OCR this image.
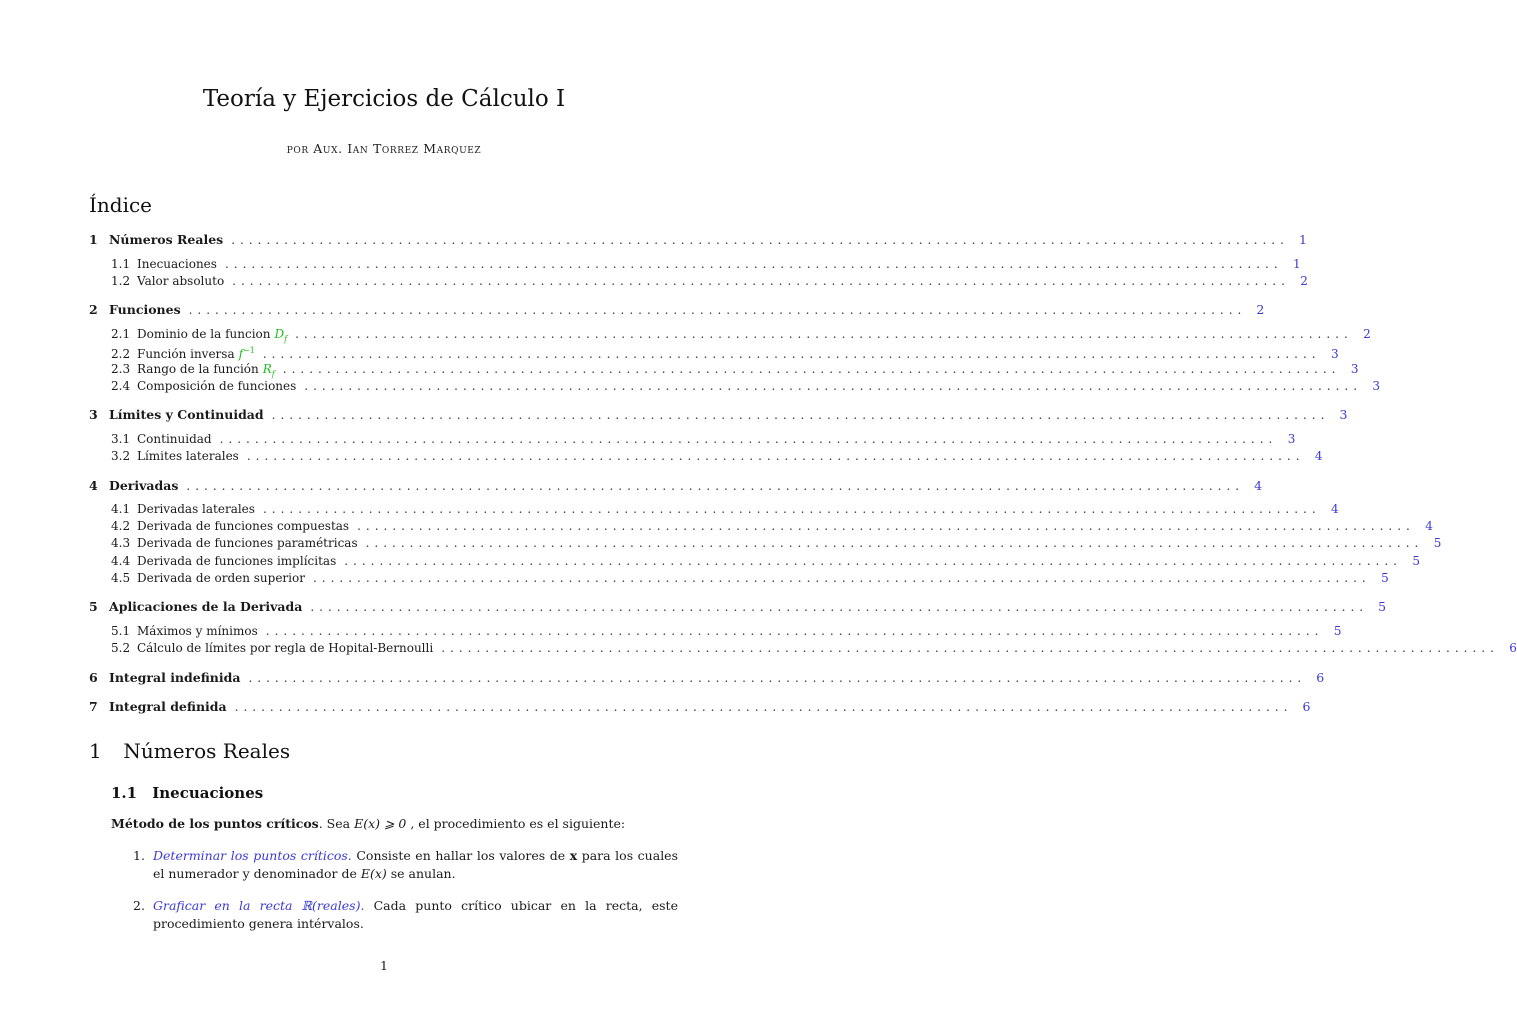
Teoría y Ejercicios de Cálculo I
por Aux. Ian Torrez Marquez
Índice
1 Números Reales ........................................................................................................................ 1
1.1 Inecuaciones ........................................................................................................................ 1
1.2 Valor absoluto ........................................................................................................................ 2
2 Funciones ........................................................................................................................ 2
2.1 Dominio de la funcion $D_f$ ........................................................................................................................ 2
2.2 Función inversa $f^{-1}$ ........................................................................................................................ 3
2.3 Rango de la función $R_f$ ........................................................................................................................ 3
2.4 Composición de funciones ........................................................................................................................ 3
3 Límites y Continuidad ........................................................................................................................ 3
3.1 Continuidad ........................................................................................................................ 3
3.2 Límites laterales ........................................................................................................................ 4
4 Derivadas ........................................................................................................................ 4
4.1 Derivadas laterales ........................................................................................................................ 4
4.2 Derivada de funciones compuestas ........................................................................................................................ 4
4.3 Derivada de funciones paramétricas ........................................................................................................................ 5
4.4 Derivada de funciones implícitas ........................................................................................................................ 5
4.5 Derivada de orden superior ........................................................................................................................ 5
5 Aplicaciones de la Derivada ........................................................................................................................ 5
5.1 Máximos y mínimos ........................................................................................................................ 5
5.2 Cálculo de límites por regla de Hopital-Bernoulli ........................................................................................................................ 6
6 Integral indefinida ........................................................................................................................ 6
7 Integral definida ........................................................................................................................ 6
1 Números Reales
1.1 Inecuaciones
Método de los puntos críticos. Sea E(x) ⩾ 0 , el procedimiento es el siguiente:
1. Determinar los puntos críticos. Consiste en hallar los valores de x para los cuales el numerador y denominador de E(x) se anulan.
2. Graficar en la recta ℝ(reales). Cada punto crítico ubicar en la recta, este procedimiento genera intérvalos.
1
